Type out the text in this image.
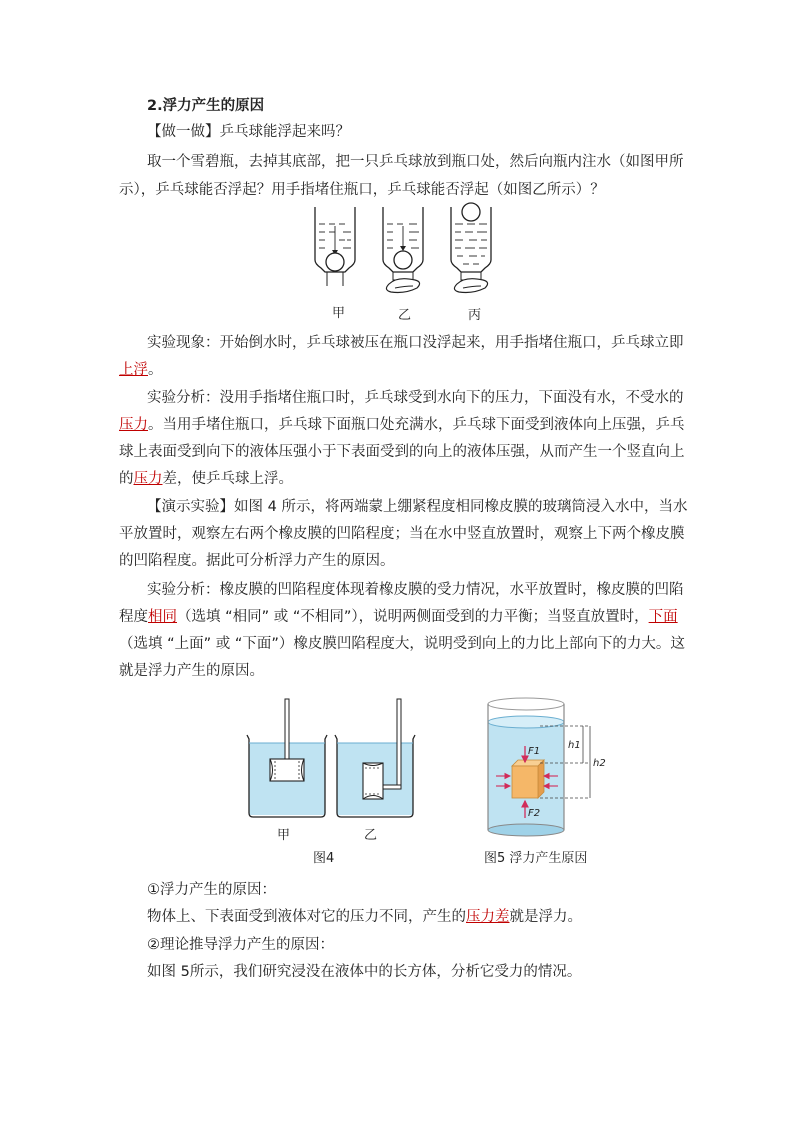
2.浮力产生的原因
【做一做】乒乓球能浮起来吗？
取一个雪碧瓶，去掉其底部，把一只乒乓球放到瓶口处，然后向瓶内注水（如图甲所
示），乒乓球能否浮起？用手指堵住瓶口，乒乓球能否浮起（如图乙所示）？
甲	乙	丙
实验现象：开始倒水时，乒乓球被压在瓶口没浮起来，用手指堵住瓶口，乒乓球立即
上浮。
实验分析：没用手指堵住瓶口时，乒乓球受到水向下的压力，下面没有水，不受水的
压力。当用手堵住瓶口，乒乓球下面瓶口处充满水，乒乓球下面受到液体向上压强，乒乓
球上表面受到向下的液体压强小于下表面受到的向上的液体压强，从而产生一个竖直向上
的压力差，使乒乓球上浮。
【演示实验】如图 4 所示，将两端蒙上绷紧程度相同橡皮膜的玻璃筒浸入水中，当水
平放置时，观察左右两个橡皮膜的凹陷程度；当在水中竖直放置时，观察上下两个橡皮膜
的凹陷程度。据此可分析浮力产生的原因。
实验分析：橡皮膜的凹陷程度体现着橡皮膜的受力情况，水平放置时，橡皮膜的凹陷
程度相同（选填 “相同” 或 “不相同”），说明两侧面受到的力平衡；当竖直放置时，下面
（选填 “上面” 或 “下面”）橡皮膜凹陷程度大，说明受到向上的力比上部向下的力大。这
就是浮力产生的原因。
甲	乙
图4
F1
F2
h1
h2
图5 浮力产生原因
①浮力产生的原因：
物体上、下表面受到液体对它的压力不同，产生的压力差就是浮力。
②理论推导浮力产生的原因：
如图 5所示，我们研究浸没在液体中的长方体，分析它受力的情况。
